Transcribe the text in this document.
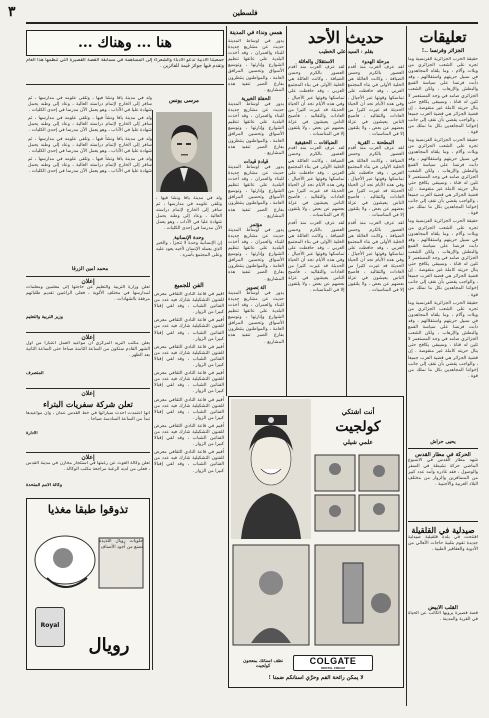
٣	فلسطين
تعليقات
الجزائر وفرنسا ..!

حقيقة الحرب الجزائرية الفرنسية وما تجره على الشعب الجزائري من ويلات وآلام ، وما يلقاه المجاهدون في سبيل حريتهم واستقلالهم ، وقد دأبت فرنسا على سياسة القمع والبطش والإرهاب ، ولكن الشعب الجزائري صامد في وجه المستعمر لا تلين له قناة ، وسيبقى يكافح حتى ينال حريته كاملة غير منقوصة . إن قضية الجزائر هي قضية العرب جميعا ، والواجب يقضي بأن نقف إلى جانب إخواننا المجاهدين بكل ما نملك من قوة .

حقيقة الحرب الجزائرية الفرنسية وما تجره على الشعب الجزائري من ويلات وآلام ، وما يلقاه المجاهدون في سبيل حريتهم واستقلالهم ، وقد دأبت فرنسا على سياسة القمع والبطش والإرهاب ، ولكن الشعب الجزائري صامد في وجه المستعمر لا تلين له قناة ، وسيبقى يكافح حتى ينال حريته كاملة غير منقوصة . إن قضية الجزائر هي قضية العرب جميعا ، والواجب يقضي بأن نقف إلى جانب إخواننا المجاهدين بكل ما نملك من قوة .

حقيقة الحرب الجزائرية الفرنسية وما تجره على الشعب الجزائري من ويلات وآلام ، وما يلقاه المجاهدون في سبيل حريتهم واستقلالهم ، وقد دأبت فرنسا على سياسة القمع والبطش والإرهاب ، ولكن الشعب الجزائري صامد في وجه المستعمر لا تلين له قناة ، وسيبقى يكافح حتى ينال حريته كاملة غير منقوصة . إن قضية الجزائر هي قضية العرب جميعا ، والواجب يقضي بأن نقف إلى جانب إخواننا المجاهدين بكل ما نملك من قوة .

حقيقة الحرب الجزائرية الفرنسية وما تجره على الشعب الجزائري من ويلات وآلام ، وما يلقاه المجاهدون في سبيل حريتهم واستقلالهم ، وقد دأبت فرنسا على سياسة القمع والبطش والإرهاب ، ولكن الشعب الجزائري صامد في وجه المستعمر لا تلين له قناة ، وسيبقى يكافح حتى ينال حريته كاملة غير منقوصة . إن قضية الجزائر هي قضية العرب جميعا ، والواجب يقضي بأن نقف إلى جانب إخواننا المجاهدين بكل ما نملك من قوة .

يحيى حراش
الحركة في مطار القدس
شهد مطار القدس في الأسبوع الماضي حركة نشيطة في السفر والوصول ، فقد غادره وأمه عدد كبير من المسافرين والزوار من مختلف البلاد العربية والأجنبية .
صيدلية في القلقيلة
افتتحت في بلدة قلقيلية صيدلية جديدة تقوم بتلبية حاجات الأهالي من الأدوية والعقاقير الطبية .
القلب الأبيض
قصة قصيرة يرويها الكاتب عن الحياة في القرية والمدينة .
حديث الأحد
بقلم : السيد علي الخطيب
الاستقلال والعائلة

لقد عرف العرب منذ أقدم العصور بالكرم وحسن الضيافة ، وكانت العائلة هي الخلية الأولى في بناء المجتمع العربي ، وقد حافظت على تماسكها وقوتها عبر الأجيال ، وفي هذه الأيام نجد أن الحياة الحديثة قد غيرت كثيرا من العادات والتقاليد ، فأصبح الناس يعيشون في عزلة بعضهم عن بعض ، ولا يلتقون إلا في المناسبات .

الضيافات .. الحقيقية

لقد عرف العرب منذ أقدم العصور بالكرم وحسن الضيافة ، وكانت العائلة هي الخلية الأولى في بناء المجتمع العربي ، وقد حافظت على تماسكها وقوتها عبر الأجيال ، وفي هذه الأيام نجد أن الحياة الحديثة قد غيرت كثيرا من العادات والتقاليد ، فأصبح الناس يعيشون في عزلة بعضهم عن بعض ، ولا يلتقون إلا في المناسبات .

لقد عرف العرب منذ أقدم العصور بالكرم وحسن الضيافة ، وكانت العائلة هي الخلية الأولى في بناء المجتمع العربي ، وقد حافظت على تماسكها وقوتها عبر الأجيال ، وفي هذه الأيام نجد أن الحياة الحديثة قد غيرت كثيرا من العادات والتقاليد ، فأصبح الناس يعيشون في عزلة بعضهم عن بعض ، ولا يلتقون إلا في المناسبات .

مرحلة الهدوء

لقد عرف العرب منذ أقدم العصور بالكرم وحسن الضيافة ، وكانت العائلة هي الخلية الأولى في بناء المجتمع العربي ، وقد حافظت على تماسكها وقوتها عبر الأجيال ، وفي هذه الأيام نجد أن الحياة الحديثة قد غيرت كثيرا من العادات والتقاليد ، فأصبح الناس يعيشون في عزلة بعضهم عن بعض ، ولا يلتقون إلا في المناسبات .

المطحنة .. القرية

لقد عرف العرب منذ أقدم العصور بالكرم وحسن الضيافة ، وكانت العائلة هي الخلية الأولى في بناء المجتمع العربي ، وقد حافظت على تماسكها وقوتها عبر الأجيال ، وفي هذه الأيام نجد أن الحياة الحديثة قد غيرت كثيرا من العادات والتقاليد ، فأصبح الناس يعيشون في عزلة بعضهم عن بعض ، ولا يلتقون إلا في المناسبات .

لقد عرف العرب منذ أقدم العصور بالكرم وحسن الضيافة ، وكانت العائلة هي الخلية الأولى في بناء المجتمع العربي ، وقد حافظت على تماسكها وقوتها عبر الأجيال ، وفي هذه الأيام نجد أن الحياة الحديثة قد غيرت كثيرا من العادات والتقاليد ، فأصبح الناس يعيشون في عزلة بعضهم عن بعض ، ولا يلتقون إلا في المناسبات .

همس ونداء في المدينة

يدور في أوساط المدينة حديث عن مشاريع جديدة للبناء والعمران ، وقد أخذت البلدية على عاتقها تنظيم الشوارع وإنارتها ، وتوسيع الأسواق وتحسين المرافق العامة ، والمواطنون ينتظرون بفارغ الصبر تنفيذ هذه المشاريع .

الحفلة الخيرية

يدور في أوساط المدينة حديث عن مشاريع جديدة للبناء والعمران ، وقد أخذت البلدية على عاتقها تنظيم الشوارع وإنارتها ، وتوسيع الأسواق وتحسين المرافق العامة ، والمواطنون ينتظرون بفارغ الصبر تنفيذ هذه المشاريع .

قيادة قيدات

يدور في أوساط المدينة حديث عن مشاريع جديدة للبناء والعمران ، وقد أخذت البلدية على عاتقها تنظيم الشوارع وإنارتها ، وتوسيع الأسواق وتحسين المرافق العامة ، والمواطنون ينتظرون بفارغ الصبر تنفيذ هذه المشاريع .

مؤتمر

يدور في أوساط المدينة حديث عن مشاريع جديدة للبناء والعمران ، وقد أخذت البلدية على عاتقها تنظيم الشوارع وإنارتها ، وتوسيع الأسواق وتحسين المرافق العامة ، والمواطنون ينتظرون بفارغ الصبر تنفيذ هذه المشاريع .

آلة تصوير

يدور في أوساط المدينة حديث عن مشاريع جديدة للبناء والعمران ، وقد أخذت البلدية على عاتقها تنظيم الشوارع وإنارتها ، وتوسيع الأسواق وتحسين المرافق العامة ، والمواطنون ينتظرون بفارغ الصبر تنفيذ هذه المشاريع .

هنا ... وهناك ...
جمعيتنا الأدبية تدعو الأدباء والشعراء إلى المساهمة في مسابقة القصة القصيرة التي تنظمها هذا العام وتقدم فيها جوائز قيمة للفائزين .
مرسى يونس

ولد في مدينة يافا ونشأ فيها ، وتلقى علومه في مدارسها ، ثم سافر إلى الخارج لإتمام دراسته العالية ، وعاد إلى وطنه يحمل شهادة عليا في الآداب ، وهو يعمل الآن مدرسا في إحدى الكليات .

ولد في مدينة يافا ونشأ فيها ، وتلقى علومه في مدارسها ، ثم سافر إلى الخارج لإتمام دراسته العالية ، وعاد إلى وطنه يحمل شهادة عليا في الآداب ، وهو يعمل الآن مدرسا في إحدى الكليات .

ولد في مدينة يافا ونشأ فيها ، وتلقى علومه في مدارسها ، ثم سافر إلى الخارج لإتمام دراسته العالية ، وعاد إلى وطنه يحمل شهادة عليا في الآداب ، وهو يعمل الآن مدرسا في إحدى الكليات .

ولد في مدينة يافا ونشأ فيها ، وتلقى علومه في مدارسها ، ثم سافر إلى الخارج لإتمام دراسته العالية ، وعاد إلى وطنه يحمل شهادة عليا في الآداب ، وهو يعمل الآن مدرسا في إحدى الكليات .

ولد في مدينة يافا ونشأ فيها ، وتلقى علومه في مدارسها ، ثم سافر إلى الخارج لإتمام دراسته العالية ، وعاد إلى وطنه يحمل شهادة عليا في الآداب ، وهو يعمل الآن مدرسا في إحدى الكليات .

وحدة الإنسانية

إن الإنسانية وحدة لا تتجزأ ، والخير الذي يعمله الإنسان لأخيه يعود عليه وعلى المجتمع بأسره .

محمد أمين الزرقا
إعلان
تعلن وزارة التربية والتعليم عن حاجتها إلى معلمين ومعلمات لمدارسها في مختلف الألوية ، فعلى الراغبين تقديم طلباتهم مرفقة بالشهادات .
وزير التربية والتعليم
إعلان
يعلن مكتب البريد المركزي أن مواعيد العمل اعتبارا من أول الشهر القادم ستكون من الساعة الثامنة صباحا حتى الساعة الثانية بعد الظهر .
المتصرف
إعلان
تعلن شركة سفريات البتراء
أنها اعتمدت أحدث سياراتها في خط القدس عمان ، وأن مواعيدها تبدأ من الساعة السادسة صباحا .
الادارة
إعلان
تعلن وكالة الغوث عن رغبتها في استئجار مخازن في مدينة القدس ، فعلى من لديه الرغبة مراجعة مكتب الوكالة .
وكالة الأمم المتحدة
تذوقوا طبقا مغذيا
حلويات رويال اللذيذة تصنع من أجود الأصناف
Royal
رويال
الفن للجميع

أقيم في قاعة النادي الثقافي معرض للفنون التشكيلية شارك فيه عدد من الفنانين الشباب ، وقد لقي إقبالا كبيرا من الزوار .

أقيم في قاعة النادي الثقافي معرض للفنون التشكيلية شارك فيه عدد من الفنانين الشباب ، وقد لقي إقبالا كبيرا من الزوار .

أقيم في قاعة النادي الثقافي معرض للفنون التشكيلية شارك فيه عدد من الفنانين الشباب ، وقد لقي إقبالا كبيرا من الزوار .

أقيم في قاعة النادي الثقافي معرض للفنون التشكيلية شارك فيه عدد من الفنانين الشباب ، وقد لقي إقبالا كبيرا من الزوار .

أقيم في قاعة النادي الثقافي معرض للفنون التشكيلية شارك فيه عدد من الفنانين الشباب ، وقد لقي إقبالا كبيرا من الزوار .

أقيم في قاعة النادي الثقافي معرض للفنون التشكيلية شارك فيه عدد من الفنانين الشباب ، وقد لقي إقبالا كبيرا من الزوار .

أقيم في قاعة النادي الثقافي معرض للفنون التشكيلية شارك فيه عدد من الفنانين الشباب ، وقد لقي إقبالا كبيرا من الزوار .

أنت اشتكي
كولجيت
علمي شيلي
COLGATE
DENTAL CREAM
نظف أسنانك بمعجون كولجيت
لا يمكن رائحة الفم وحرّي أسنانكم ضمنا !
